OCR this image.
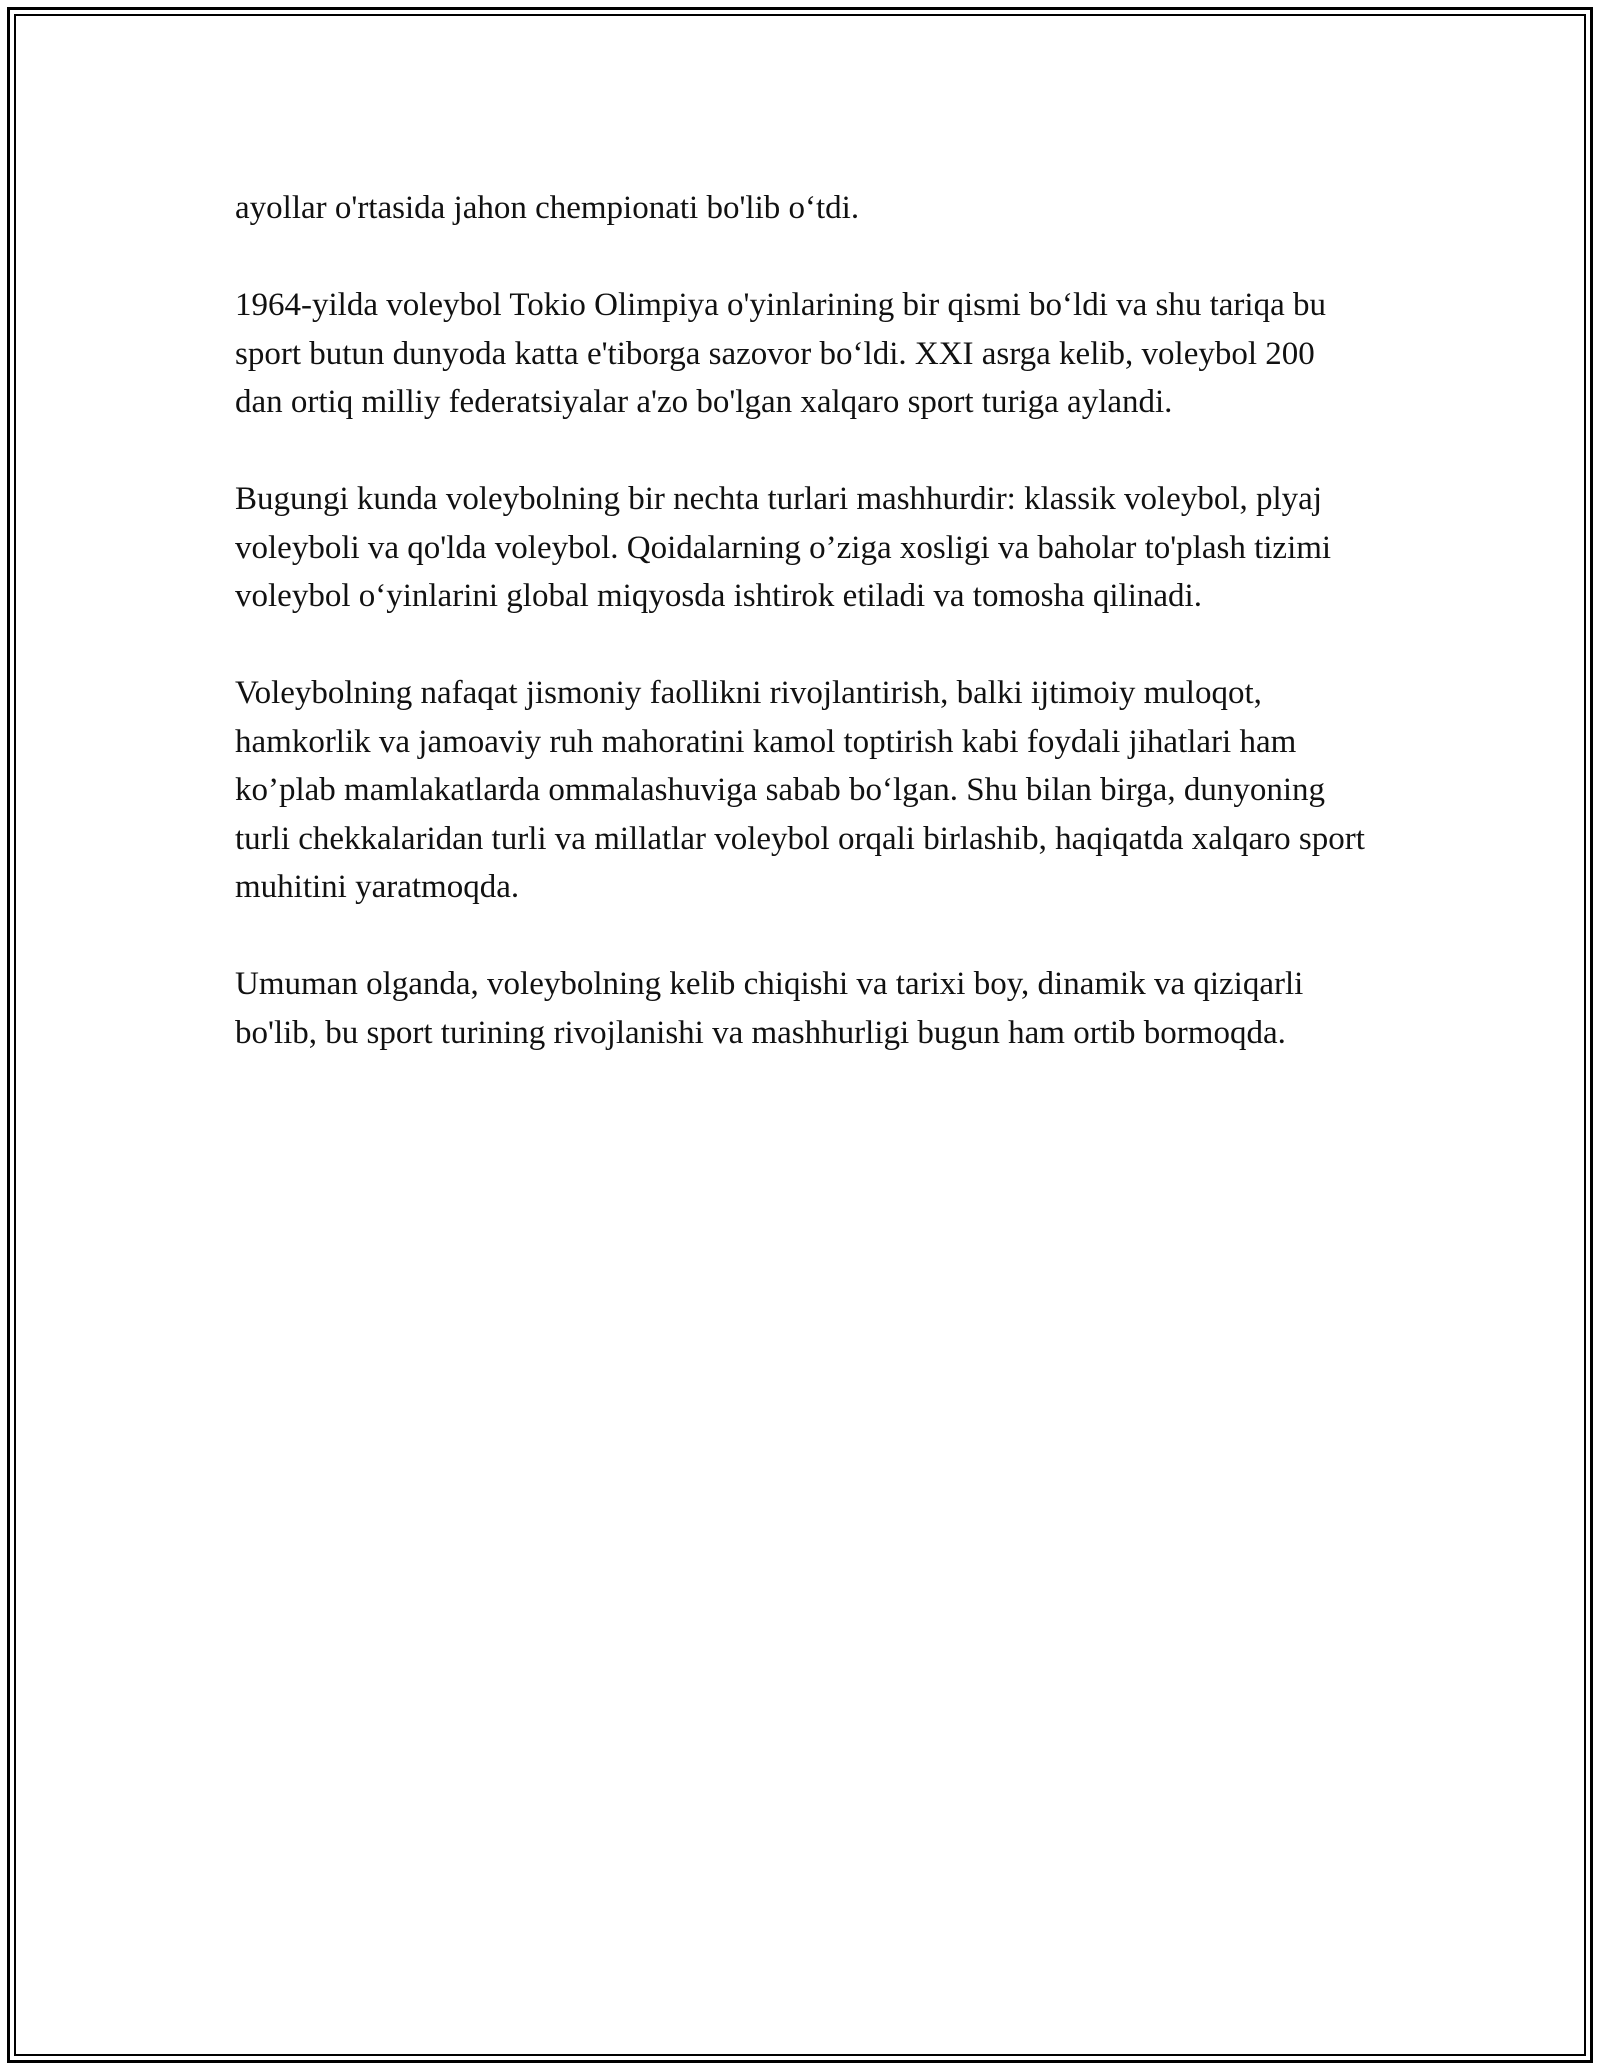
ayollar o'rtasida jahon chempionati bo'lib o‘tdi.

1964-yilda voleybol Tokio Olimpiya o'yinlarining bir qismi bo‘ldi va shu tariqa bu sport butun dunyoda katta e'tiborga sazovor bo‘ldi. XXI asrga kelib, voleybol 200 dan ortiq milliy federatsiyalar a'zo bo'lgan xalqaro sport turiga aylandi.

Bugungi kunda voleybolning bir nechta turlari mashhurdir: klassik voleybol, plyaj voleyboli va qo'lda voleybol. Qoidalarning o’ziga xosligi va baholar to'plash tizimi voleybol o‘yinlarini global miqyosda ishtirok etiladi va tomosha qilinadi.

Voleybolning nafaqat jismoniy faollikni rivojlantirish, balki ijtimoiy muloqot, hamkorlik va jamoaviy ruh mahoratini kamol toptirish kabi foydali jihatlari ham ko’plab mamlakatlarda ommalashuviga sabab bo‘lgan. Shu bilan birga, dunyoning turli chekkalaridan turli va millatlar voleybol orqali birlashib, haqiqatda xalqaro sport muhitini yaratmoqda.

Umuman olganda, voleybolning kelib chiqishi va tarixi boy, dinamik va qiziqarli bo'lib, bu sport turining rivojlanishi va mashhurligi bugun ham ortib bormoqda.
